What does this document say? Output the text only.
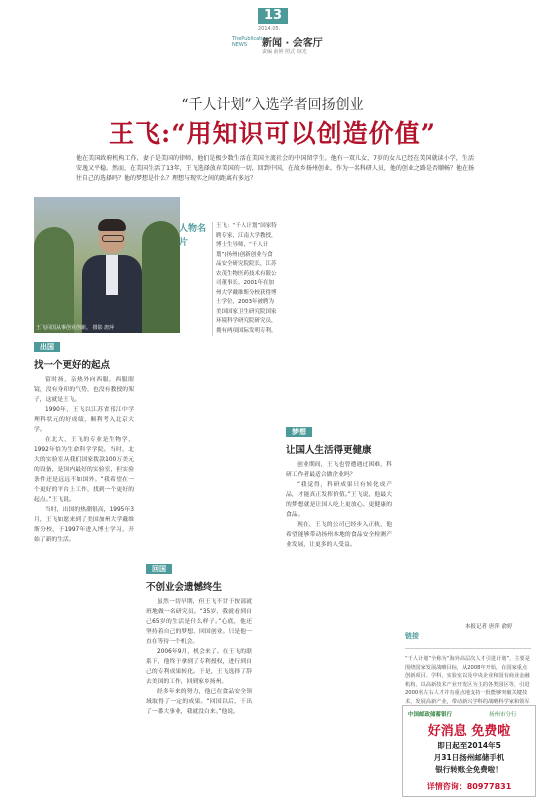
13
2014.05.
ThePublication NEWS	新闻 · 会客厅
责编 俞婷 照式 琼光
“千人计划”入选学者回扬创业
王飞:“用知识可以创造价值”
他在美国政府机构工作，妻子是美国的律师，他们是极少数生活在美国主流社会的中国留学生。他有一双儿女，7岁的女儿已经在美国就读小学，生活安逸又平稳。然而，在美国生活了13年，王飞选择放弃美国的一切，回到中国，在故乡扬州创业。作为一名科研人员，他的创业之路是否顺畅？他在扬往自己的选择吗？他的梦想是什么？理想与现实之间的距离有多远？
王飞回国从事创业创新。 摄影 唐萍
人物名片
王飞：“千人计划”国家特聘专家，江南大学教授，博士生导师，“千人计划”(扬州)创新创业与食品安全研究院院长，江苏农茂生物医药技术有限公司董事长。2001年在加州大学戴维斯分校获得博士学位，2003年被聘为美国国家卫生研究院国家环境科学研究院研究员，拥有两项国际发明专利。
出国
找一个更好的起点

留时扬，亲热外向西服，西服眼镜，没有身印的气势，也没有教授的架子，这就是王飞。

1990年，王飞以江苏省邗江中学理科状元的好成绩，顺利考入北京大学。

在北大，王飞的专业是生物学，1992年恰为生命科学学院。当时，北大的实验室从我们国家拨款100万美元的设备，是国内最好的实验室，但实验条件还是远远不如国外。“我希望在一个更好的平台上工作，找到一个更好的起点。”王飞说。

当时，出国的热潮很高，1995年3月，王飞如愿来到了美国加州大学戴维斯分校，于1997年进入博士学习，开始了新的生活。

回国
不创业会遗憾终生

虽然一切早期，但王飞不甘于按部就班地做一名研究员。“35岁，我就看到自己65岁的生活是什么样子。”心底，他还坚持着自己的梦想，回国创业。只是他一直在等待一个机会。

2006年9月，机会来了。在王飞的联系下，他终于拿到了专利授权，进行到自己的专利成果转化。于是，王飞选择了辞去美国的工作，回到家乡扬州。

经多年来的努力，他已在食品安全领域取得了一定的成果。“回国以后，干出了一番大事业，我就没白来。”他说。

梦想
让国人生活得更健康

创业期间，王飞也曾遭遇过困难，科研工作者最适合做企业吗？

“我觉得，科研成果只有转化成产品，才能真正发挥价值。”王飞说，他最大的梦想就是让国人吃上更放心、更健康的食品。

现在，王飞的公司已经步入正轨，他希望能够带动扬州本地的食品安全检测产业发展，让更多的人受益。

本报记者 唐萍 俞婷
链接
“千人计划”全称为“海外高层次人才引进计划”，主要是围绕国家发展战略目标，从2008年开始，在国家重点创新项目、学科，实验室以及中央企业和国有商业金融机构，以高新技术产业开发区为主的各类园区等，引进2000名左右人才并有重点地支持一批能够突破关键技术，发展高新产业，带动新兴学科的战略科学家和领军
中国邮政储蓄银行	扬州市分行
好消息 免费啦
即日起至2014年5
月31日扬州邮储手机
银行转账全免费啦！
详情咨询：80977831
